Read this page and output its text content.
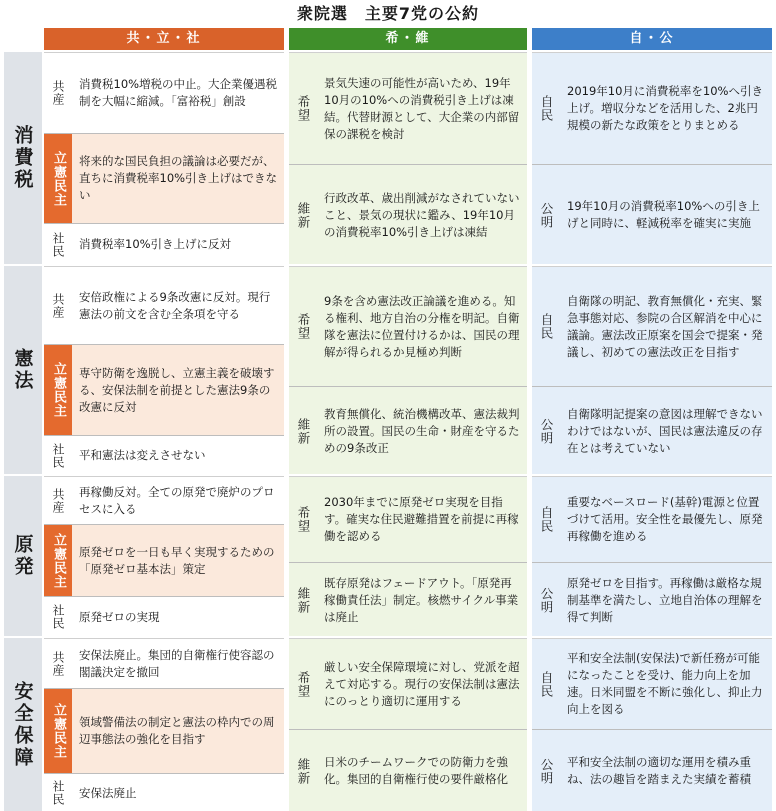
衆院選　主要7党の公約
共・立・社	希・維	自・公
消費税
共産 消費税10%増税の中止。大企業優遇税制を大幅に縮減。「富裕税」創設
立憲民主 将来的な国民負担の議論は必要だが、直ちに消費税率10%引き上げはできない
社民 消費税率10%引き上げに反対
希望
景気失速の可能性が高いため、19年10月の10%への消費税引き上げは凍結。代替財源として、大企業の内部留保の課税を検討
維新
行政改革、歳出削減がなされていないこと、景気の現状に鑑み、19年10月の消費税率10%引き上げは凍結
自民
2019年10月に消費税率を10%へ引き上げ。増収分などを活用した、2兆円規模の新たな政策をとりまとめる
公明 19年10月の消費税率10%への引き上げと同時に、軽減税率を確実に実施
憲法
共産 安倍政権による9条改憲に反対。現行憲法の前文を含む全条項を守る
立憲民主 専守防衛を逸脱し、立憲主義を破壊する、安保法制を前提とした憲法9条の改憲に反対
社民 平和憲法は変えさせない
希望
9条を含め憲法改正論議を進める。知る権利、地方自治の分権を明記。自衛隊を憲法に位置付けるかは、国民の理解が得られるか見極め判断
維新
教育無償化、統治機構改革、憲法裁判所の設置。国民の生命・財産を守るための9条改正
自民
自衛隊の明記、教育無償化・充実、緊急事態対応、参院の合区解消を中心に議論。憲法改正原案を国会で提案・発議し、初めての憲法改正を目指す
公明
自衛隊明記提案の意図は理解できないわけではないが、国民は憲法違反の存在とは考えていない
原発
共産 再稼働反対。全ての原発で廃炉のプロセスに入る
立憲民主 原発ゼロを一日も早く実現するための「原発ゼロ基本法」策定
社民 原発ゼロの実現
希望
2030年までに原発ゼロ実現を目指す。確実な住民避難措置を前提に再稼働を認める
維新
既存原発はフェードアウト。「原発再稼働責任法」制定。核燃サイクル事業は廃止
自民
重要なベースロード(基幹)電源と位置づけて活用。安全性を最優先し、原発再稼働を進める
公明
原発ゼロを目指す。再稼働は厳格な規制基準を満たし、立地自治体の理解を得て判断
安全保障
共産 安保法廃止。集団的自衛権行使容認の閣議決定を撤回
立憲民主 領域警備法の制定と憲法の枠内での周辺事態法の強化を目指す
社民 安保法廃止
希望
厳しい安全保障環境に対し、党派を超えて対応する。現行の安保法制は憲法にのっとり適切に運用する
維新 日米のチームワークでの防衛力を強化。集団的自衛権行使の要件厳格化
自民
平和安全法制(安保法)で新任務が可能になったことを受け、能力向上を加速。日米同盟を不断に強化し、抑止力向上を図る
公明 平和安全法制の適切な運用を積み重ね、法の趣旨を踏まえた実績を蓄積
